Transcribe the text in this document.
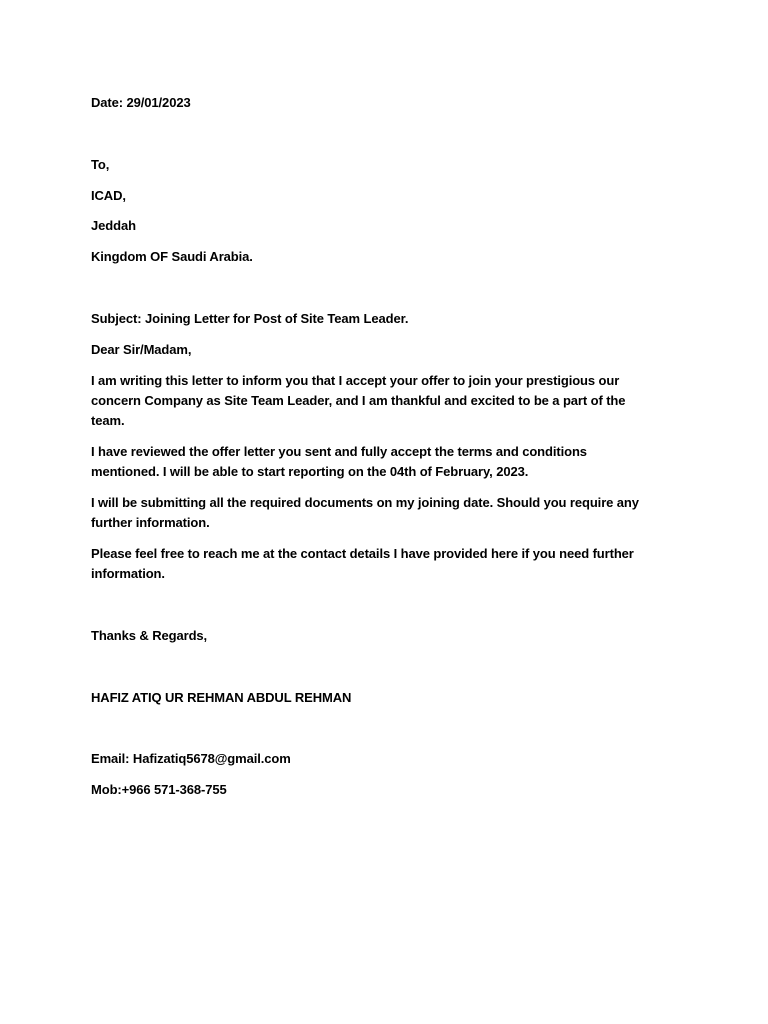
Date: 29/01/2023
To,
ICAD,
Jeddah
Kingdom OF Saudi Arabia.
Subject: Joining Letter for Post of Site Team Leader.
Dear Sir/Madam,
I am writing this letter to inform you that I accept your offer to join your prestigious our
concern Company as Site Team Leader, and I am thankful and excited to be a part of the
team.
I have reviewed the offer letter you sent and fully accept the terms and conditions
mentioned. I will be able to start reporting on the 04th of February, 2023.
I will be submitting all the required documents on my joining date. Should you require any
further information.
Please feel free to reach me at the contact details I have provided here if you need further
information.
Thanks & Regards,
HAFIZ ATIQ UR REHMAN ABDUL REHMAN
Email: Hafizatiq5678@gmail.com
Mob:+966 571-368-755
